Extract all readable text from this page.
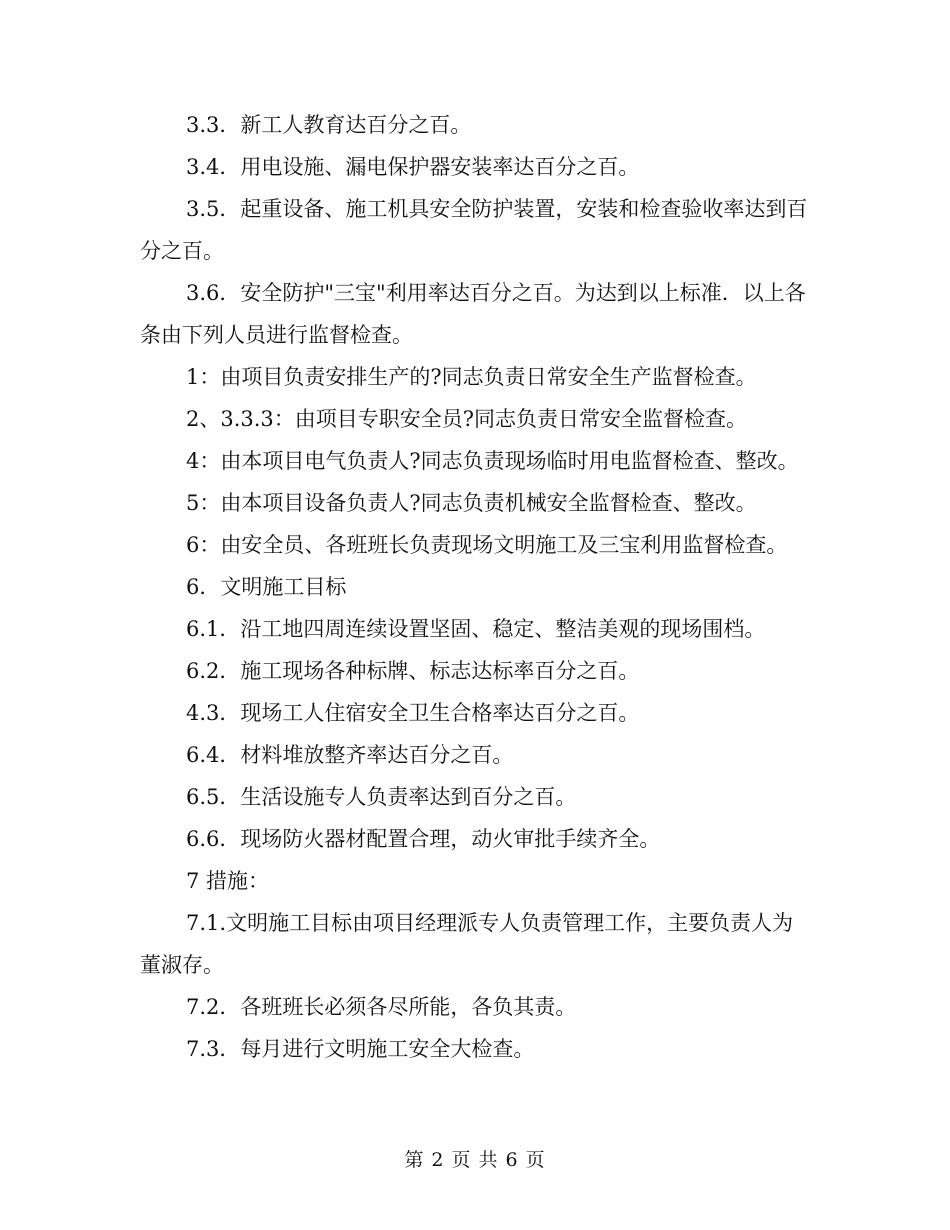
3.3．新工人教育达百分之百。

3.4．用电设施、漏电保护器安装率达百分之百。

3.5．起重设备、施工机具安全防护装置，安装和检查验收率达到百分之百。

3.6．安全防护"三宝"利用率达百分之百。为达到以上标准．以上各条由下列人员进行监督检查。

1：由项目负责安排生产的?同志负责日常安全生产监督检查。

2、3.3.3：由项目专职安全员?同志负责日常安全监督检查。

4：由本项目电气负责人?同志负责现场临时用电监督检查、整改。

5：由本项目设备负责人?同志负责机械安全监督检查、整改。

6：由安全员、各班班长负责现场文明施工及三宝利用监督检查。

6．文明施工目标

6.1．沿工地四周连续设置坚固、稳定、整洁美观的现场围档。

6.2．施工现场各种标牌、标志达标率百分之百。

4.3．现场工人住宿安全卫生合格率达百分之百。

6.4．材料堆放整齐率达百分之百。

6.5．生活设施专人负责率达到百分之百。

6.6．现场防火器材配置合理，动火审批手续齐全。

7 措施：

7.1.文明施工目标由项目经理派专人负责管理工作，主要负责人为董淑存。

7.2．各班班长必须各尽所能，各负其责。

7.3．每月进行文明施工安全大检查。

第 2 页 共 6 页
